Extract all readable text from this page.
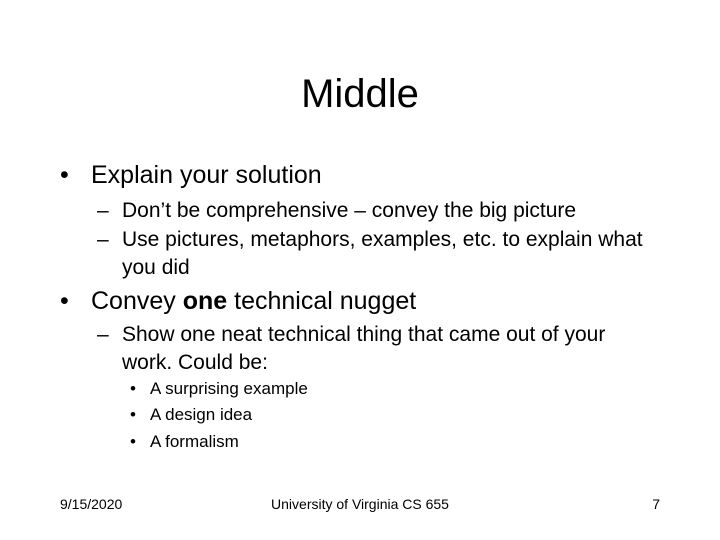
Middle
• Explain your solution
– Don’t be comprehensive – convey the big picture
– Use pictures, metaphors, examples, etc. to explain what you did
• Convey one technical nugget
– Show one neat technical thing that came out of your work. Could be:
• A surprising example
• A design idea
• A formalism
9/15/2020	University of Virginia CS 655	7
